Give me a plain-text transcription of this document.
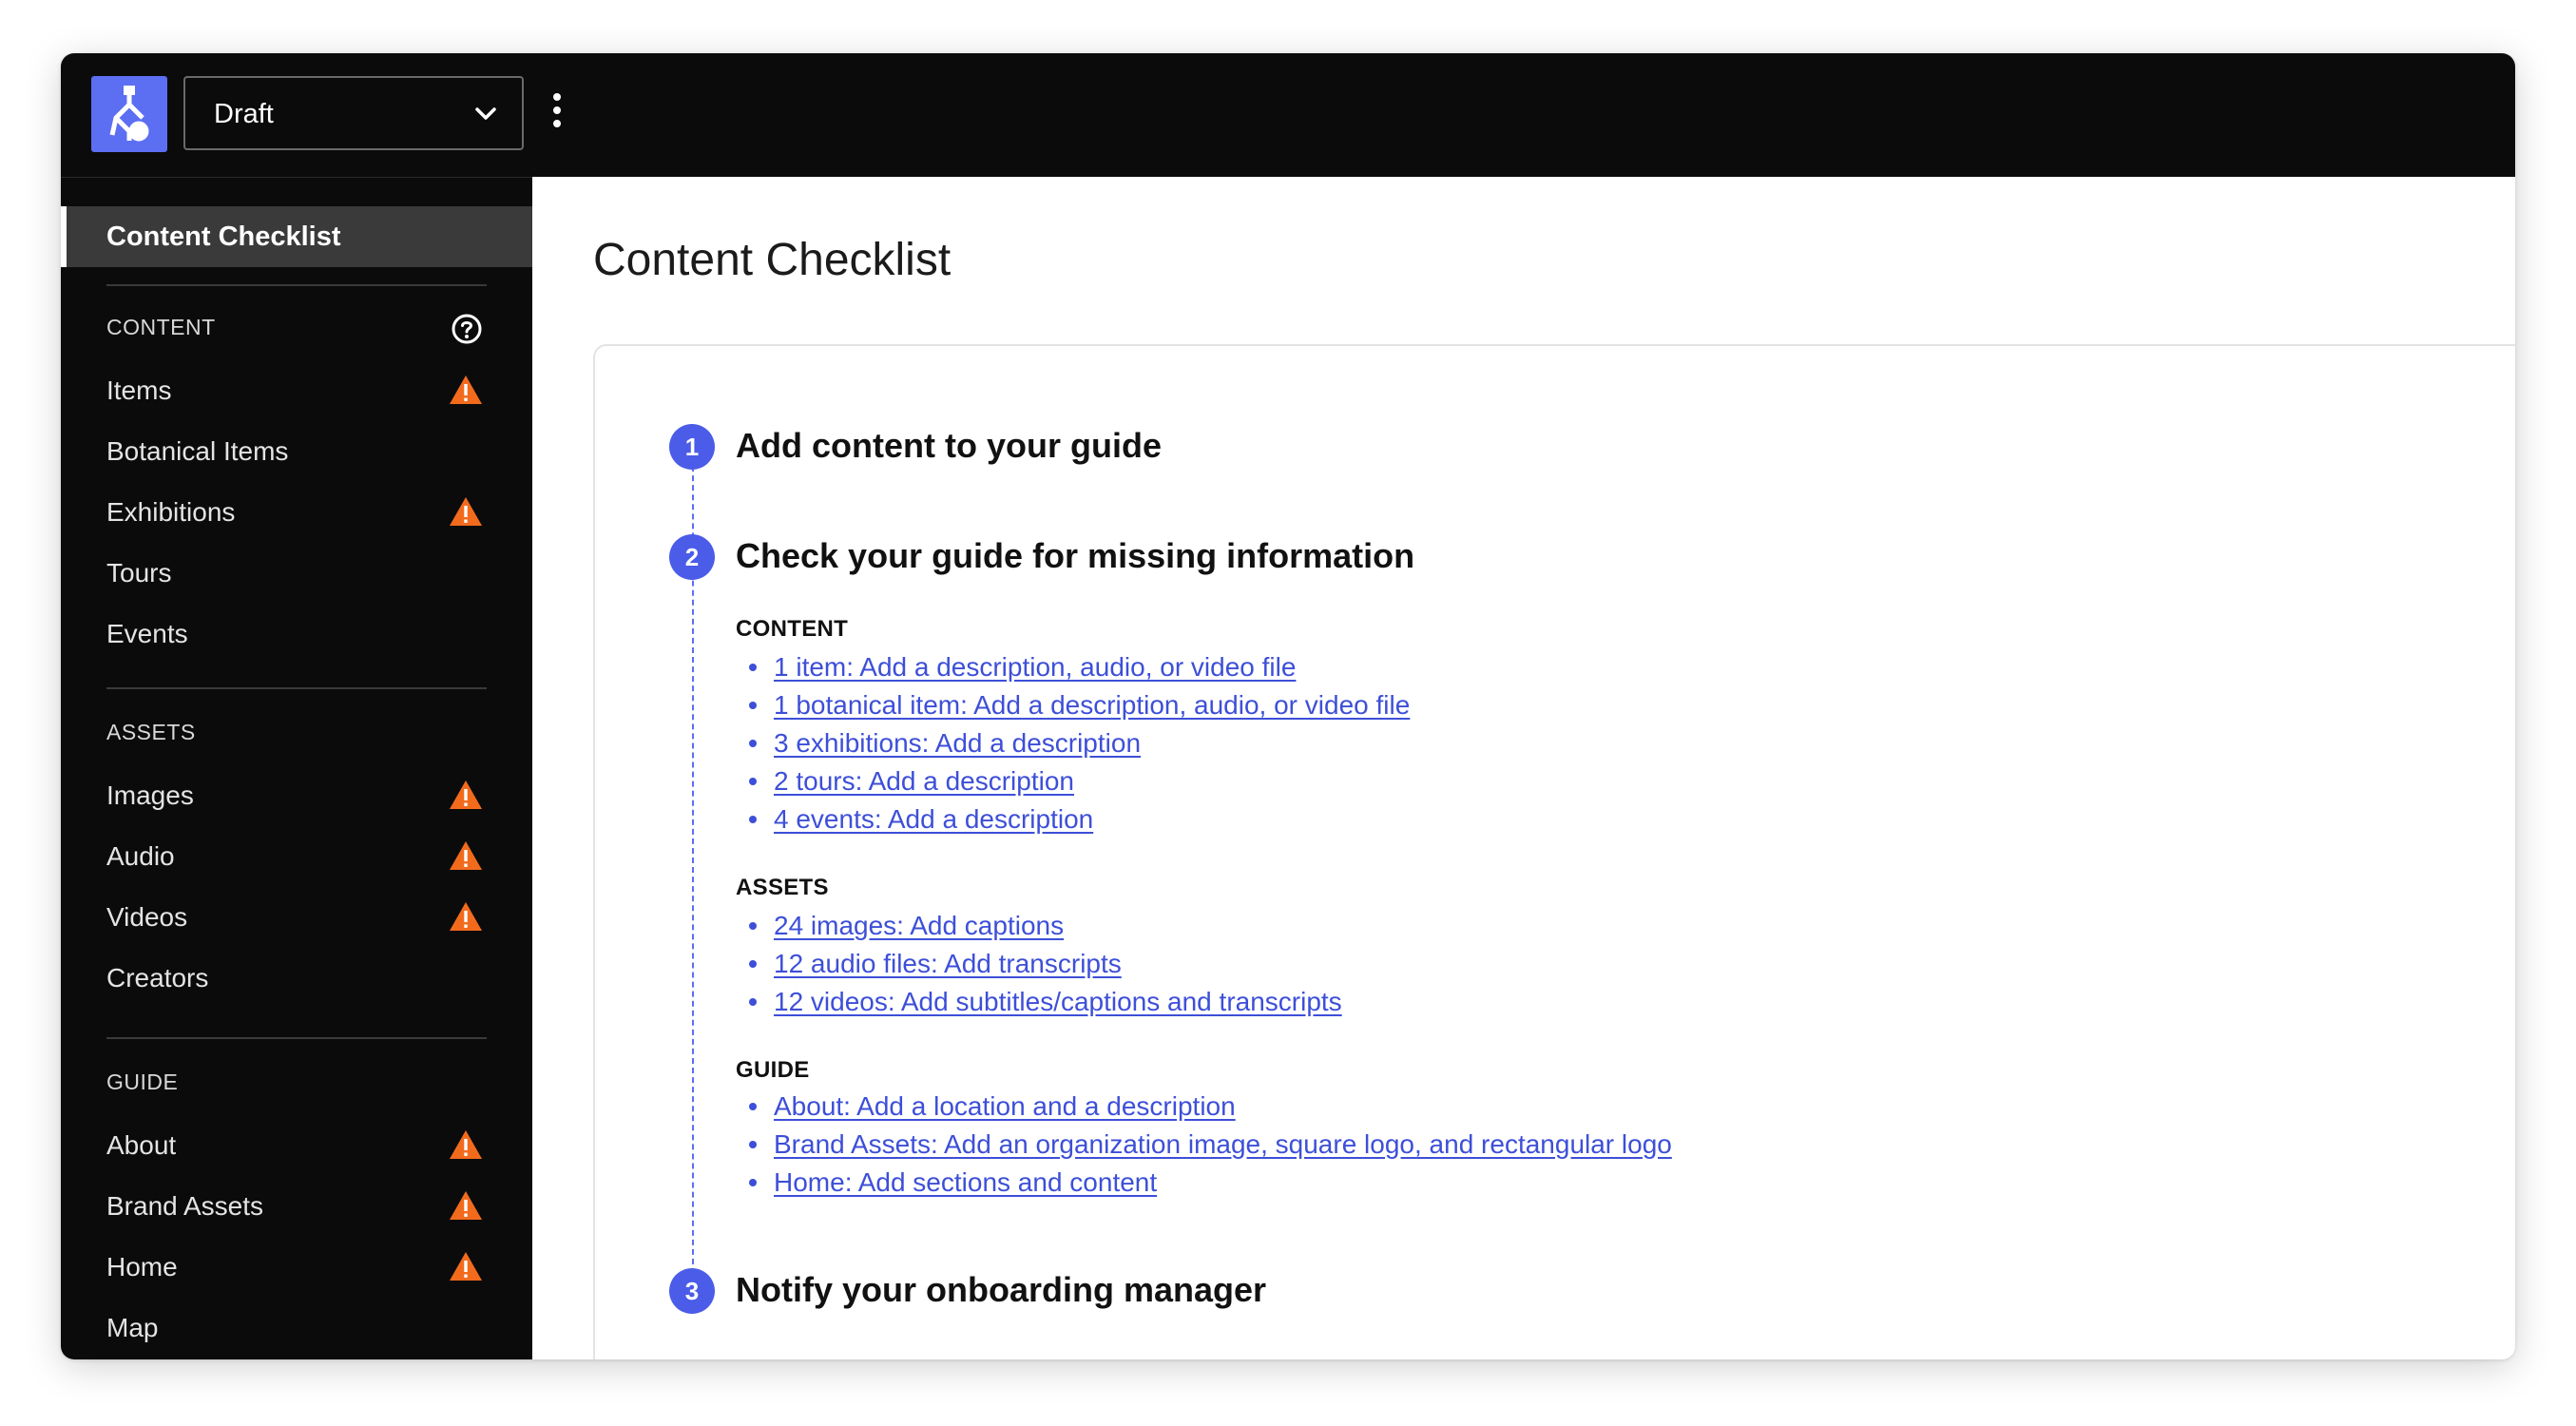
Draft
Content Checklist
CONTENT
Items
Botanical Items
Exhibitions
Tours
Events
ASSETS
Images
Audio
Videos
Creators
GUIDE
About
Brand Assets
Home
Map
Content Checklist
1	Add content to your guide
2	Check your guide for missing information
CONTENT
1 item: Add a description, audio, or video file
1 botanical item: Add a description, audio, or video file
3 exhibitions: Add a description
2 tours: Add a description
4 events: Add a description
ASSETS
24 images: Add captions
12 audio files: Add transcripts
12 videos: Add subtitles/captions and transcripts
GUIDE
About: Add a location and a description
Brand Assets: Add an organization image, square logo, and rectangular logo
Home: Add sections and content
3	Notify your onboarding manager
